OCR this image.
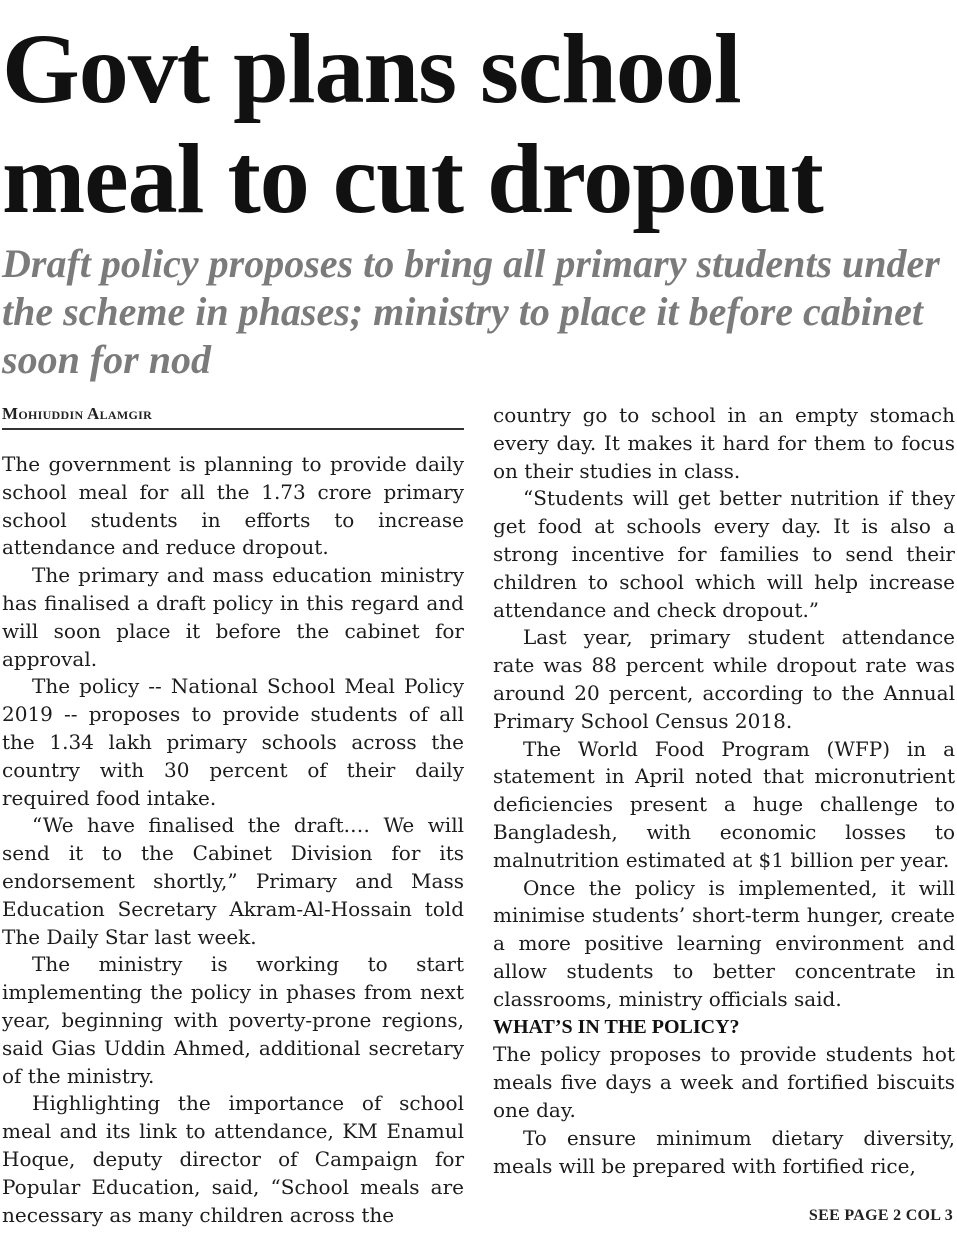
Govt plans school meal to cut dropout
Draft policy proposes to bring all primary students under the scheme in phases; ministry to place it before cabinet soon for nod
Mohiuddin Alamgir

The government is planning to provide daily school meal for all the 1.73 crore primary school students in efforts to increase attendance and reduce dropout.

The primary and mass education ministry has finalised a draft policy in this regard and will soon place it before the cabinet for approval.

The policy -- National School Meal Policy 2019 -- proposes to provide students of all the 1.34 lakh primary schools across the country with 30 percent of their daily required food intake.

“We have finalised the draft.… We will send it to the Cabinet Division for its endorsement shortly,” Primary and Mass Education Secretary Akram-Al-Hossain told The Daily Star last week.

The ministry is working to start implementing the policy in phases from next year, beginning with poverty-prone regions, said Gias Uddin Ahmed, additional secretary of the ministry.

Highlighting the importance of school meal and its link to attendance, KM Enamul Hoque, deputy director of Campaign for Popular Education, said, “School meals are necessary as many children across the

country go to school in an empty stomach every day. It makes it hard for them to focus on their studies in class.

“Students will get better nutrition if they get food at schools every day. It is also a strong incentive for families to send their children to school which will help increase attendance and check dropout.”

Last year, primary student attendance rate was 88 percent while dropout rate was around 20 percent, according to the Annual Primary School Census 2018.

The World Food Program (WFP) in a statement in April noted that micronutrient deficiencies present a huge challenge to Bangladesh, with economic losses to malnutrition estimated at $1 billion per year.

Once the policy is implemented, it will minimise students’ short-term hunger, create a more positive learning environment and allow students to better concentrate in classrooms, ministry officials said.

WHAT’S IN THE POLICY?

The policy proposes to provide students hot meals five days a week and fortified biscuits one day.

To ensure minimum dietary diversity, meals will be prepared with fortified rice,

SEE PAGE 2 COL 3
